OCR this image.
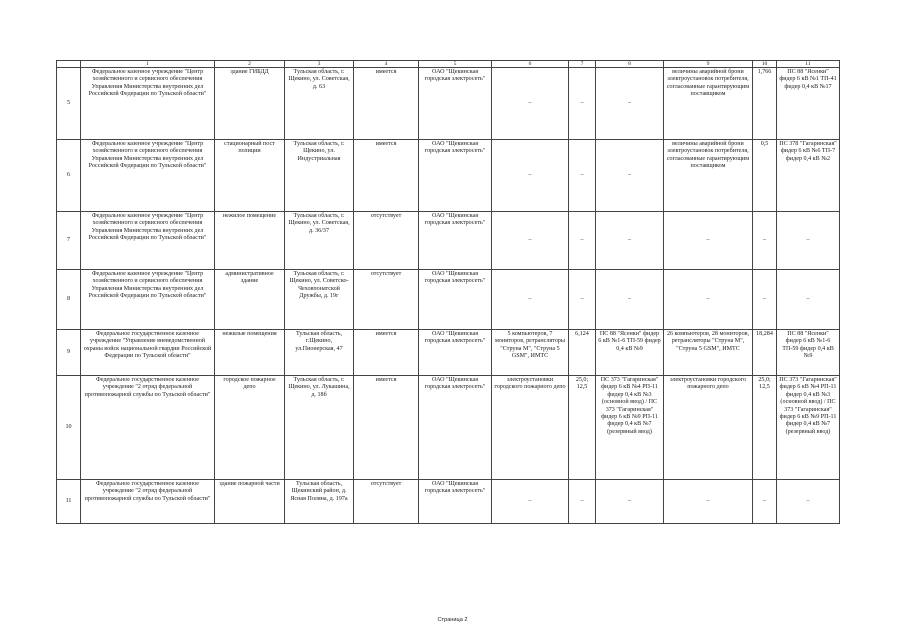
	1	2	3	4	5	6	7	8	9	10	11
5	Федеральное казенное учреждение "Центр хозяйственного и сервисного обеспечения Управления Министерства внутренних дел Российской Федерации по Тульской области"	здание ГИБДД	Тульская область, г. Щекино, ул. Советская, д. 63	имеется	ОАО "Щекинская городская электросеть"	–	–	–	величины аварийной брони электроустановок потребителя, согласованные гарантирующим поставщиком	1,766	ПС 88 "Ясенки" фидер 6 кВ №1 ТП-41 фидер 0,4 кВ №17
6	Федеральное казенное учреждение "Центр хозяйственного и сервисного обеспечения Управления Министерства внутренних дел Российской Федерации по Тульской области"	стационарный пост полиции	Тульская область, г. Щекино, ул. Индустриальная	имеется	ОАО "Щекинская городская электросеть"	–	–	–	величины аварийной брони электроустановок потребителя, согласованные гарантирующим поставщиком	0,5	ПС 378 "Гагаринская" фидер 6 кВ №6 ТП-7 фидер 0,4 кВ №2
7	Федеральное казенное учреждение "Центр хозяйственного и сервисного обеспечения Управления Министерства внутренних дел Российской Федерации по Тульской области"	нежилое помещение	Тульская область, г. Щекино, ул. Советская, д. 36/37	отсутствует	ОАО "Щекинская городская электросеть"	–	–	–	–	–	–
8	Федеральное казенное учреждение "Центр хозяйственного и сервисного обеспечения Управления Министерства внутренних дел Российской Федерации по Тульской области"	административное здание	Тульская область, г. Щекино, ул. Советско-Чеховпонатской Дружбы, д. 19г	отсутствует	ОАО "Щекинская городская электросеть"	–	–	–	–	–	–
9	Федеральное государственное казенное учреждение "Управление вневедомственной охраны войск национальной гвардии Российской Федерации по Тульской области"	нежилые помещения	Тульская область, г.Щекино, ул.Пионерская, 47	имеется	ОАО "Щекинская городская электросеть"	5 компьютеров, 7 мониторов, ретрансляторы "Струна М", "Струна 5 GSM", ИМТС	6,124	ПС 88 "Ясенки" фидер 6 кВ №1-6 ТП-59 фидер 0,4 кВ №9	26 компьютеров, 28 мониторов, ретрансляторы "Струна М", "Струна 5 GSM", ИМТС	18,284	ПС 88 "Ясенки" фидер 6 кВ №1-6 ТП-59 фидер 0,4 кВ №9
10	Федеральное государственное казенное учреждение "2 отряд федеральной противопожарной службы по Тульской области"	городское пожарное депо	Тульская область, г. Щекино, ул. Лукашина, д. 18б	имеется	ОАО "Щекинская городская электросеть"	электроустановки городского пожарного депо	25,0; 12,5	ПС 373 "Гагаринская" фидер 6 кВ №4 РП-11 фидер 0,4 кВ №3 (основной ввод) / ПС 373 "Гагаринская" фидер 6 кВ №9 РП-11 фидер 0,4 кВ №7 (резервный ввод)	электроустановки городского пожарного депо	25,0; 12,5	ПС 373 "Гагаринская" фидер 6 кВ №4 РП-11 фидер 0,4 кВ №3 (основной ввод) / ПС 373 "Гагаринская" фидер 6 кВ №9 РП-11 фидер 0,4 кВ №7 (резервный ввод)
11	Федеральное государственное казенное учреждение "2 отряд федеральной противопожарной службы по Тульской области"	здание пожарной части	Тульская область, Щекинский район, д. Ясная Поляна, д. 197а	отсутствует	ОАО "Щекинская городская электросеть"	–	–	–	–	–	–
Страница 2
